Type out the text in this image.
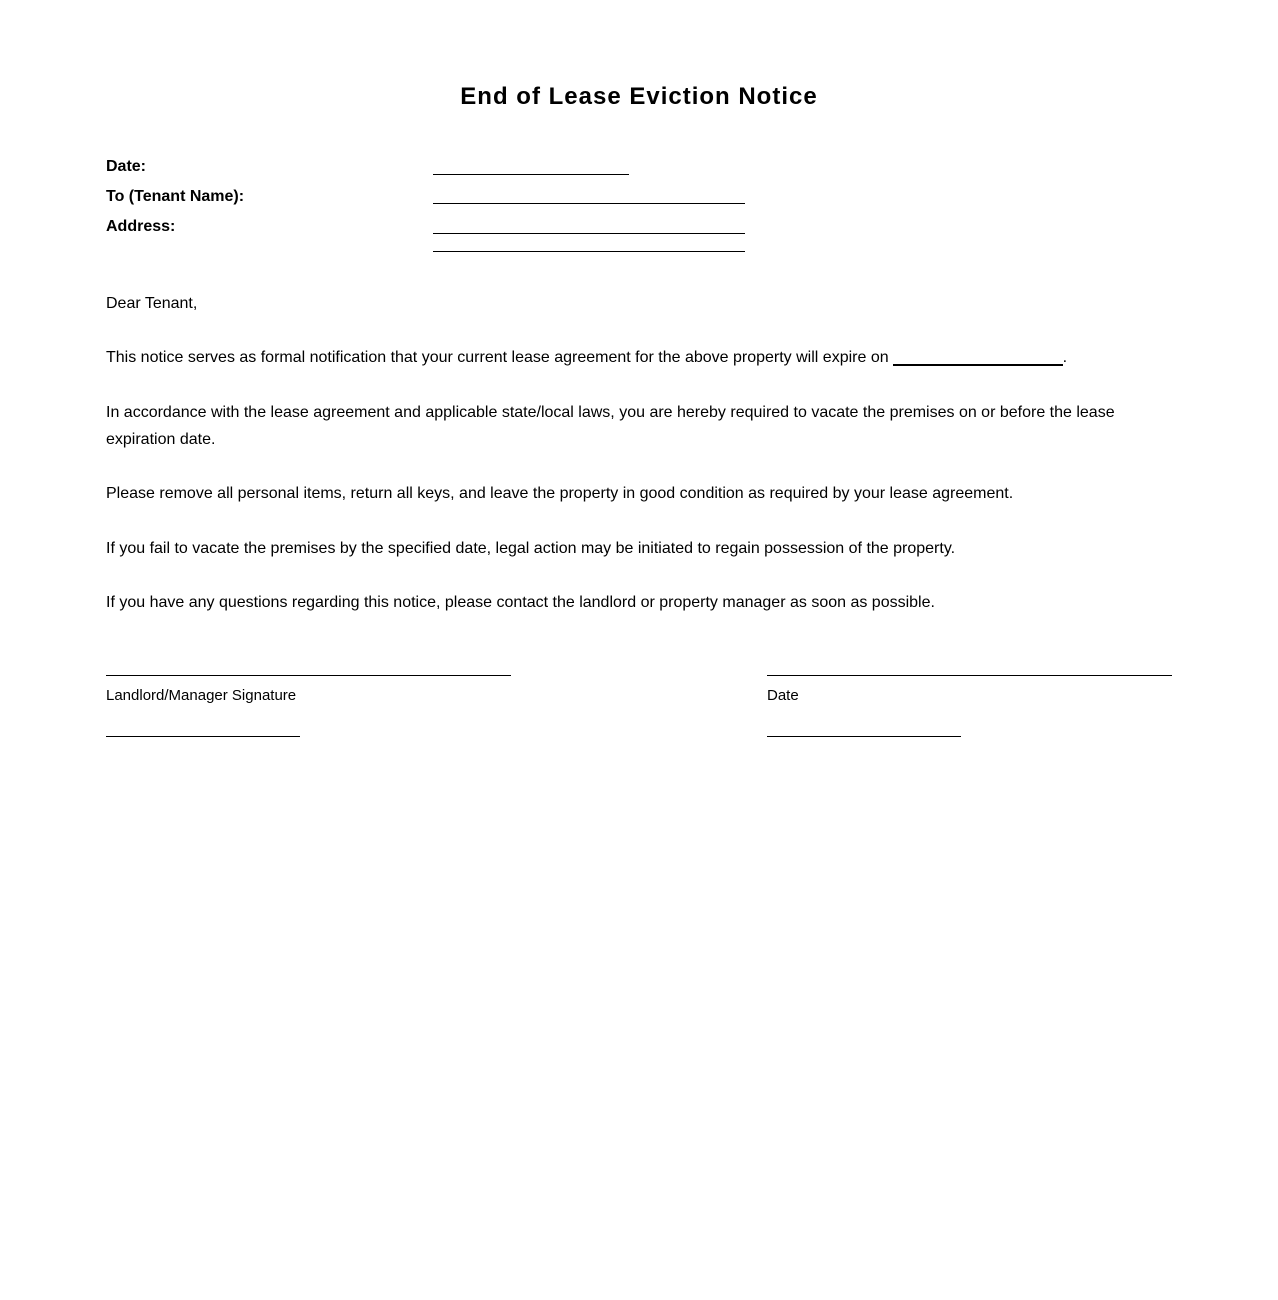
End of Lease Eviction Notice
Date:
To (Tenant Name):
Address:
Dear Tenant,
This notice serves as formal notification that your current lease agreement for the above property will expire on	.
In accordance with the lease agreement and applicable state/local laws, you are hereby required to vacate the premises on or before the lease expiration date.
Please remove all personal items, return all keys, and leave the property in good condition as required by your lease agreement.
If you fail to vacate the premises by the specified date, legal action may be initiated to regain possession of the property.
If you have any questions regarding this notice, please contact the landlord or property manager as soon as possible.
Landlord/Manager Signature	Date
